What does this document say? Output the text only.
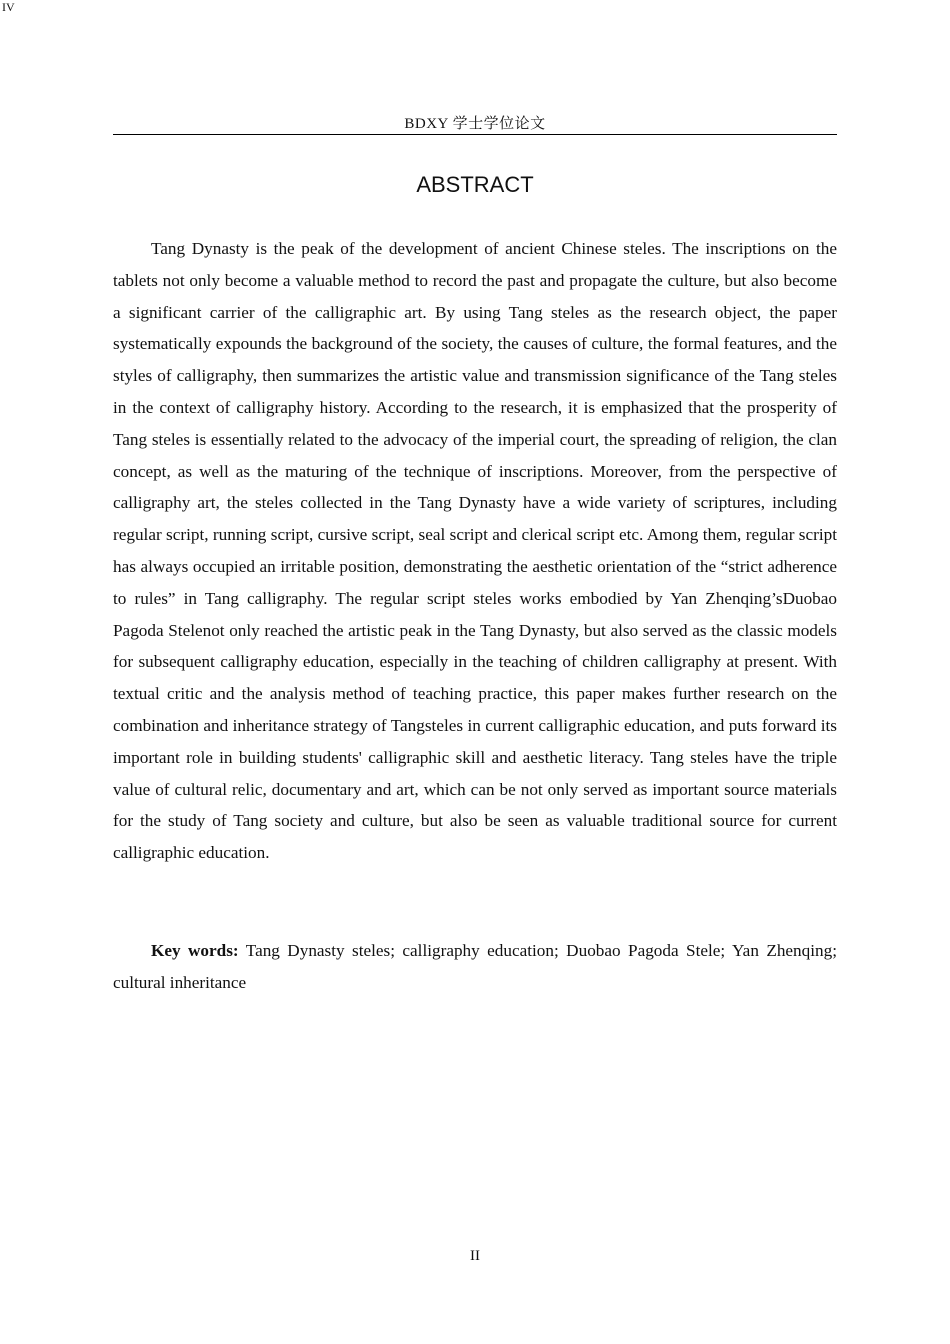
IV
BDXY 学士学位论文
ABSTRACT

Tang Dynasty is the peak of the development of ancient Chinese steles. The inscriptions on the tablets not only become a valuable method to record the past and propagate the culture, but also become a significant carrier of the calligraphic art. By using Tang steles as the research object, the paper systematically expounds the background of the society, the causes of culture, the formal features, and the styles of calligraphy, then summarizes the artistic value and transmission significance of the Tang steles in the context of calligraphy history. According to the research, it is emphasized that the prosperity of Tang steles is essentially related to the advocacy of the imperial court, the spreading of religion, the clan concept, as well as the maturing of the technique of inscriptions. Moreover, from the perspective of calligraphy art, the steles collected in the Tang Dynasty have a wide variety of scriptures, including regular script, running script, cursive script, seal script and clerical script etc. Among them, regular script has always occupied an irritable position, demonstrating the aesthetic orientation of the “strict adherence to rules” in Tang calligraphy. The regular script steles works embodied by Yan Zhenqing’sDuobao Pagoda Stelenot only reached the artistic peak in the Tang Dynasty, but also served as the classic models for subsequent calligraphy education, especially in the teaching of children calligraphy at present. With textual critic and the analysis method of teaching practice, this paper makes further research on the combination and inheritance strategy of Tangsteles in current calligraphic education, and puts forward its important role in building students' calligraphic skill and aesthetic literacy. Tang steles have the triple value of cultural relic, documentary and art, which can be not only served as important source materials for the study of Tang society and culture, but also be seen as valuable traditional source for current calligraphic education.

Key words: Tang Dynasty steles; calligraphy education; Duobao Pagoda Stele; Yan Zhenqing; cultural inheritance

II
